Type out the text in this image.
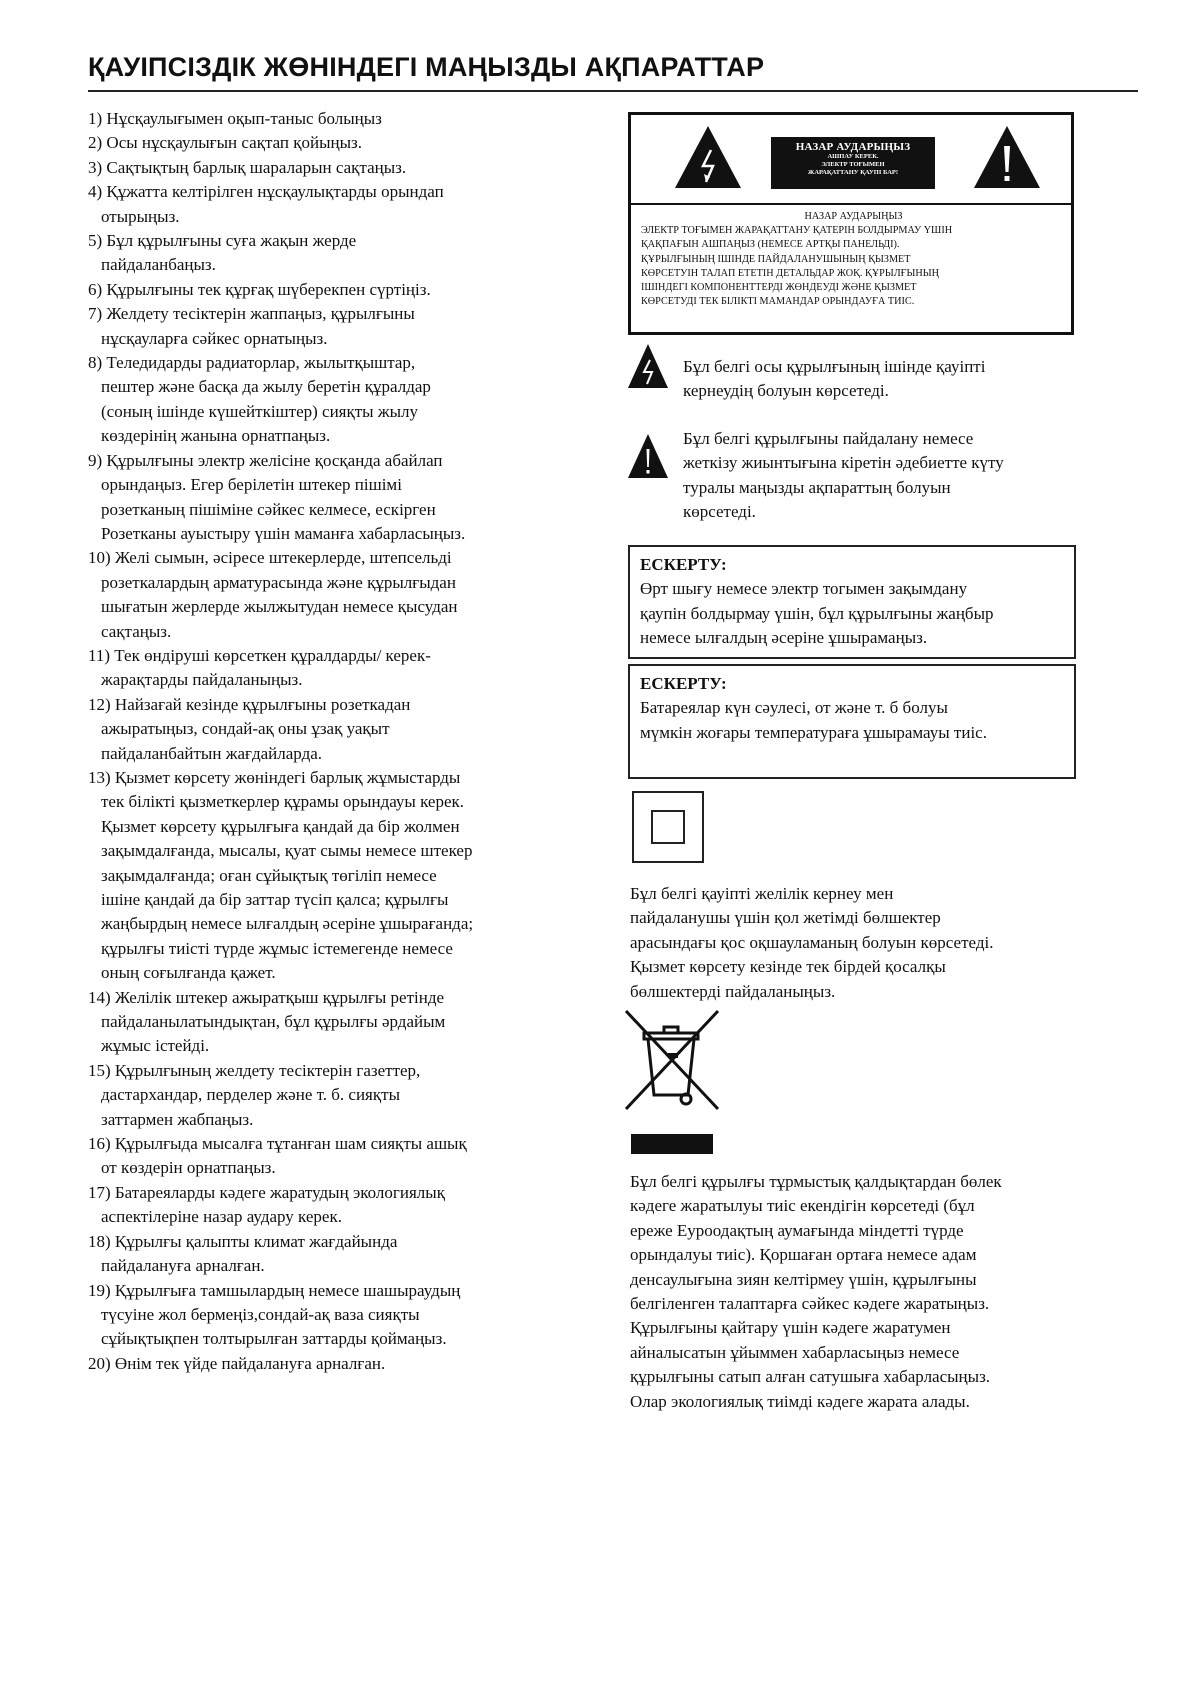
ҚАУІПСІЗДІК ЖӨНІНДЕГІ МАҢЫЗДЫ АҚПАРАТТАР
1) Нұсқаулығымен оқып-таныс болыңыз
2) Осы нұсқаулығын сақтап қойыңыз.
3) Сақтықтың барлық шараларын сақтаңыз.
4) Құжатта келтірілген нұсқаулықтарды орындап
отырыңыз.
5) Бұл құрылғыны суға жақын жерде
пайдаланбаңыз.
6) Құрылғыны тек құрғақ шүберекпен сүртіңіз.
7) Желдету тесіктерін жаппаңыз, құрылғыны
нұсқауларға сәйкес орнатыңыз.
8) Теледидарды радиаторлар, жылытқыштар,
пештер және басқа да жылу беретін құралдар
(соның ішінде күшейткіштер) сияқты жылу
көздерінің жанына орнатпаңыз.
9) Құрылғыны электр желісіне қосқанда абайлап
орындаңыз. Егер берілетін штекер пішімі
розетканың пішіміне сәйкес келмесе, ескірген
Розетканы ауыстыру үшін маманға хабарласыңыз.
10) Желі сымын, әсіресе штекерлерде, штепсельді
розеткалардың арматурасында және құрылғыдан
шығатын жерлерде жылжытудан немесе қысудан
сақтаңыз.
11) Тек өндіруші көрсеткен құралдарды/ керек-
жарақтарды пайдаланыңыз.
12) Найзағай кезінде құрылғыны розеткадан
ажыратыңыз, сондай-ақ оны ұзақ уақыт
пайдаланбайтын жағдайларда.
13) Қызмет көрсету жөніндегі барлық жұмыстарды
тек білікті қызметкерлер құрамы орындауы керек.
Қызмет көрсету құрылғыға қандай да бір жолмен
зақымдалғанда, мысалы, қуат сымы немесе штекер
зақымдалғанда; оған сұйықтық төгіліп немесе
ішіне қандай да бір заттар түсіп қалса; құрылғы
жаңбырдың немесе ылғалдың әсеріне ұшырағанда;
құрылғы тиісті түрде жұмыс істемегенде немесе
оның соғылғанда қажет.
14) Желілік штекер ажыратқыш құрылғы ретінде
пайдаланылатындықтан, бұл құрылғы әрдайым
жұмыс істейді.
15) Құрылғының желдету тесіктерін газеттер,
дастархандар, перделер және т. б. сияқты
заттармен жабпаңыз.
16) Құрылғыда мысалға тұтанған шам сияқты ашық
от көздерін орнатпаңыз.
17) Батареяларды кәдеге жаратудың экологиялық
аспектілеріне назар аудару керек.
18) Құрылғы қалыпты климат жағдайында
пайдалануға арналған.
19) Құрылғыға тамшылардың немесе шашыраудың
түсуіне жол бермеңіз,сондай-ақ ваза сияқты
сұйықтықпен толтырылған заттарды қоймаңыз.
20) Өнім тек үйде пайдалануға арналған.
НАЗАР АУДАРЫҢЫЗ
АШПАУ КЕРЕК.
ЭЛЕКТР ТОҒЫМЕН
ЖАРАҚАТТАНУ ҚАУПІ БАР!
НАЗАР АУДАРЫҢЫЗ
ЭЛЕКТР ТОҒЫМЕН ЖАРАҚАТТАНУ ҚАТЕРІН БОЛДЫРМАУ ҮШІН
ҚАҚПАҒЫН АШПАҢЫЗ (НЕМЕСЕ АРТҚЫ ПАНЕЛЬДІ).
ҚҰРЫЛҒЫНЫҢ ІШІНДЕ ПАЙДАЛАНУШЫНЫҢ ҚЫЗМЕТ
КӨРСЕТУІН ТАЛАП ЕТЕТІН ДЕТАЛЬДАР ЖОҚ. ҚҰРЫЛҒЫНЫҢ
ІШІНДЕГІ КОМПОНЕНТТЕРДІ ЖӨНДЕУДІ ЖӘНЕ ҚЫЗМЕТ
КӨРСЕТУДІ ТЕК БІЛІКТІ МАМАНДАР ОРЫНДАУҒА ТИІС.
Бұл белгі осы құрылғының ішінде қауіпті
кернеудің болуын көрсетеді.
Бұл белгі құрылғыны пайдалану немесе
жеткізу жиынтығына кіретін әдебиетте күту
туралы маңызды ақпараттың болуын
көрсетеді.
ЕСКЕРТУ:
Өрт шығу немесе электр тогымен зақымдану
қаупін болдырмау үшін, бұл құрылғыны жаңбыр
немесе ылғалдың әсеріне ұшырамаңыз.
ЕСКЕРТУ:
Батареялар күн сәулесі, от және т. б болуы
мүмкін жоғары температураға ұшырамауы тиіс.
Бұл белгі қауіпті желілік кернеу мен
пайдаланушы үшін қол жетімді бөлшектер
арасындағы қос оқшауламаның болуын көрсетеді.
Қызмет көрсету кезінде тек бірдей қосалқы
бөлшектерді пайдаланыңыз.
Бұл белгі құрылғы тұрмыстық қалдықтардан бөлек
кәдеге жаратылуы тиіс екендігін көрсетеді (бұл
ереже Еуроодақтың аумағында міндетті түрде
орындалуы тиіс). Қоршаған ортаға немесе адам
денсаулығына зиян келтірмеу үшін, құрылғыны
белгіленген талаптарға сәйкес кәдеге жаратыңыз.
Құрылғыны қайтару үшін кәдеге жаратумен
айналысатын ұйыммен хабарласыңыз немесе
құрылғыны сатып алған сатушыға хабарласыңыз.
Олар экологиялық тиімді кәдеге жарата алады.
